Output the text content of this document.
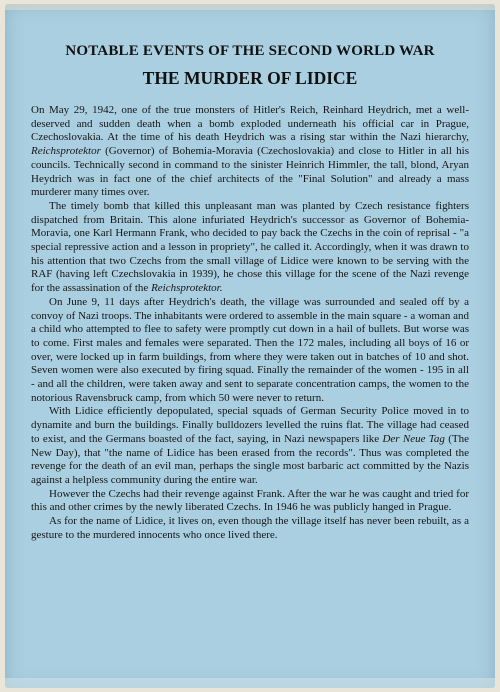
NOTABLE EVENTS OF THE SECOND WORLD WAR
THE MURDER OF LIDICE

On May 29, 1942, one of the true monsters of Hitler's Reich, Reinhard Heydrich, met a well-deserved and sudden death when a bomb exploded underneath his official car in Prague, Czechoslovakia. At the time of his death Heydrich was a rising star within the Nazi hierarchy, Reichsprotektor (Governor) of Bohemia-Moravia (Czechoslovakia) and close to Hitler in all his councils. Technically second in command to the sinister Heinrich Himmler, the tall, blond, Aryan Heydrich was in fact one of the chief architects of the "Final Solution" and already a mass murderer many times over.

The timely bomb that killed this unpleasant man was planted by Czech resistance fighters dispatched from Britain. This alone infuriated Heydrich's successor as Governor of Bohemia-Moravia, one Karl Hermann Frank, who decided to pay back the Czechs in the coin of reprisal - "a special repressive action and a lesson in propriety", he called it. Accordingly, when it was drawn to his attention that two Czechs from the small village of Lidice were known to be serving with the RAF (having left Czechslovakia in 1939), he chose this village for the scene of the Nazi revenge for the assassination of the Reichsprotektor.

On June 9, 11 days after Heydrich's death, the village was surrounded and sealed off by a convoy of Nazi troops. The inhabitants were ordered to assemble in the main square - a woman and a child who attempted to flee to safety were promptly cut down in a hail of bullets. But worse was to come. First males and females were separated. Then the 172 males, including all boys of 16 or over, were locked up in farm buildings, from where they were taken out in batches of 10 and shot. Seven women were also executed by firing squad. Finally the remainder of the women - 195 in all - and all the children, were taken away and sent to separate concentration camps, the women to the notorious Ravensbruck camp, from which 50 were never to return.

With Lidice efficiently depopulated, special squads of German Security Police moved in to dynamite and burn the buildings. Finally bulldozers levelled the ruins flat. The village had ceased to exist, and the Germans boasted of the fact, saying, in Nazi newspapers like Der Neue Tag (The New Day), that "the name of Lidice has been erased from the records". Thus was completed the revenge for the death of an evil man, perhaps the single most barbaric act committed by the Nazis against a helpless community during the entire war.

However the Czechs had their revenge against Frank. After the war he was caught and tried for this and other crimes by the newly liberated Czechs. In 1946 he was publicly hanged in Prague.

As for the name of Lidice, it lives on, even though the village itself has never been rebuilt, as a gesture to the murdered innocents who once lived there.
